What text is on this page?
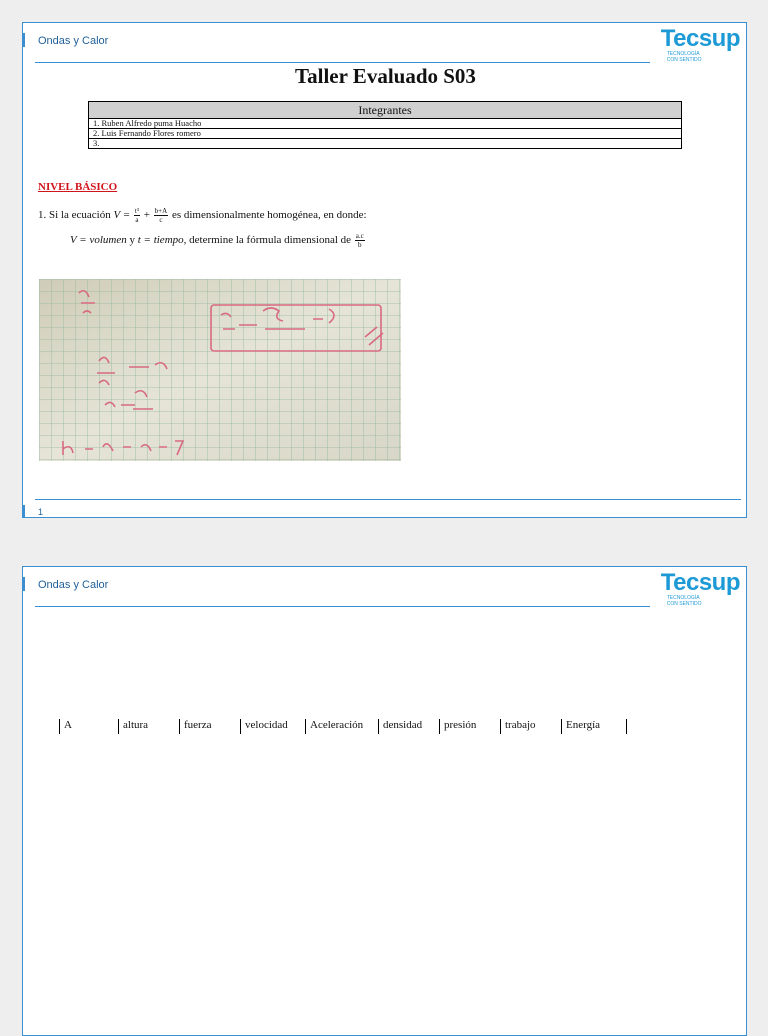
Ondas y Calor	Tecsup
TECNOLOGÍA
CON SENTIDO
Taller Evaluado S03
Integrantes
1. Ruben Alfredo puma Huacho
2. Luis Fernando Flores romero
3.
NIVEL BÁSICO
1. Si la ecuación $V = \frac{\text{t³}}{a} + \frac{b+A}{c}$ es dimensionalmente homogénea, en donde:
V = volumen y t = tiempo, determine la fórmula dimensional de $\frac{a.c}{b}$
1
Ondas y Calor	Tecsup
TECNOLOGÍA
CON SENTIDO
A	altura	fuerza	velocidad	Aceleración	densidad	presión	trabajo	Energía
